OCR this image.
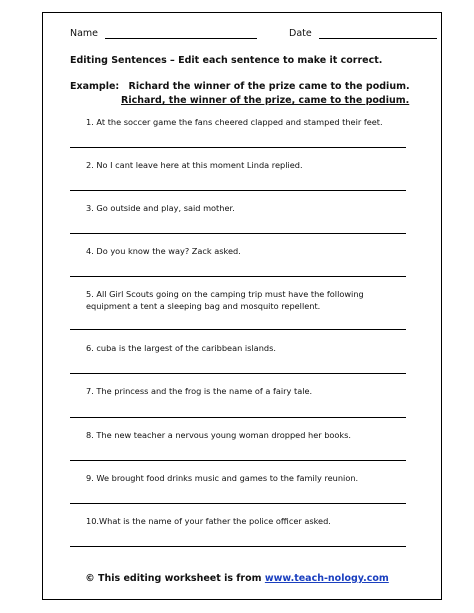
Name	Date
Editing Sentences – Edit each sentence to make it correct.
Example: Richard the winner of the prize came to the podium.
Richard, the winner of the prize, came to the podium.
1. At the soccer game the fans cheered clapped and stamped their feet.
2. No I cant leave here at this moment Linda replied.
3. Go outside and play, said mother.
4. Do you know the way? Zack asked.
5. All Girl Scouts going on the camping trip must have the following equipment a tent a sleeping bag and mosquito repellent.
6. cuba is the largest of the caribbean islands.
7. The princess and the frog is the name of a fairy tale.
8. The new teacher a nervous young woman dropped her books.
9. We brought food drinks music and games to the family reunion.
10.What is the name of your father the police officer asked.
© This editing worksheet is from www.teach-nology.com
